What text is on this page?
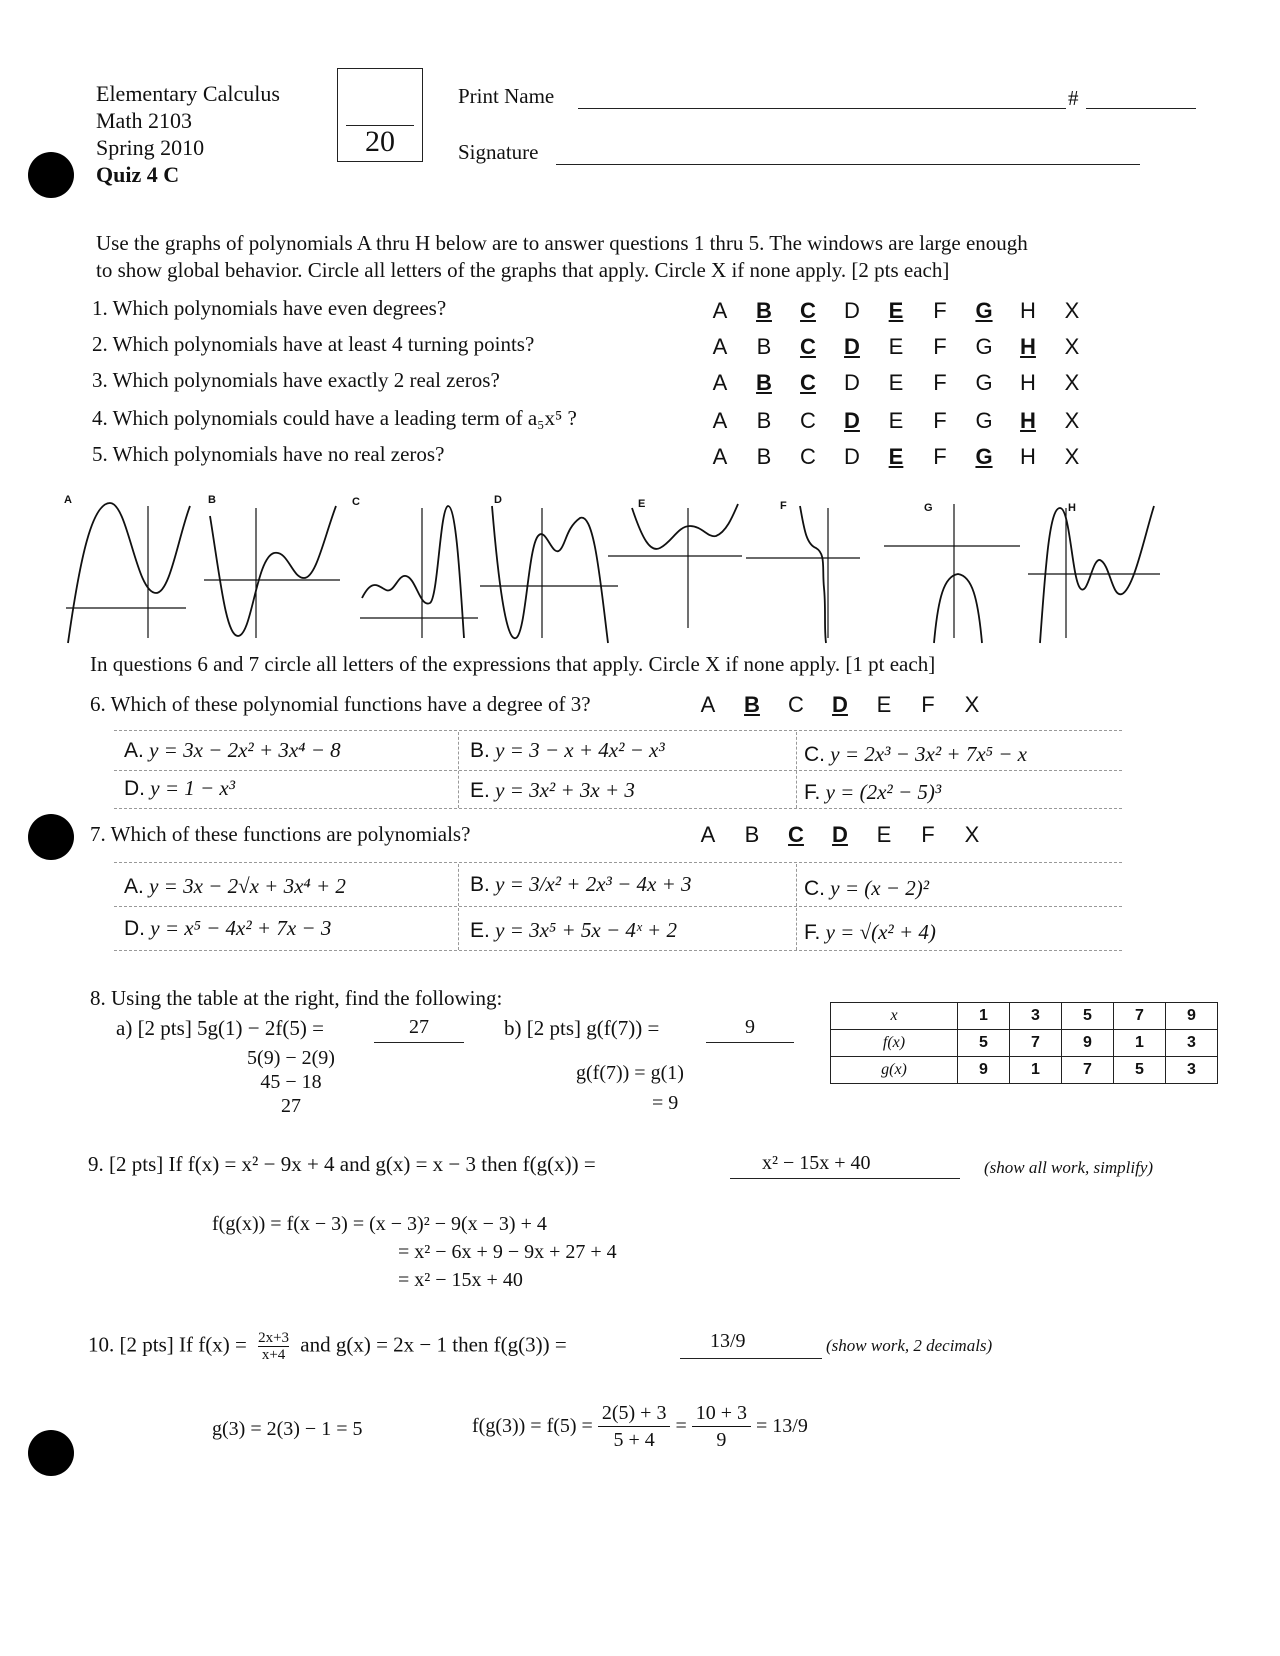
Elementary Calculus
Math 2103
Spring 2010
Quiz 4 C
20
Print Name	#
Signature
Use the graphs of polynomials A thru H below are to answer questions 1 thru 5. The windows are large enough
to show global behavior. Circle all letters of the graphs that apply. Circle X if none apply. [2 pts each]
1. Which polynomials have even degrees?	A B C D E F G H X
2. Which polynomials have at least 4 turning points?	A B C D E F G H X
3. Which polynomials have exactly 2 real zeros?	A B C D E F G H X
4. Which polynomials could have a leading term of a₅x⁵ ?	A B C D E F G H X
5. Which polynomials have no real zeros?	A B C D E F G H X
A	B	C	D	E	F	G	H
In questions 6 and 7 circle all letters of the expressions that apply. Circle X if none apply. [1 pt each]
6. Which of these polynomial functions have a degree of 3?	A B C D E F X
A. y = 3x − 2x² + 3x⁴ − 8	B. y = 3 − x + 4x² − x³	C. y = 2x³ − 3x² + 7x⁵ − x
D. y = 1 − x³	E. y = 3x² + 3x + 3	F. y = (2x² − 5)³
7. Which of these functions are polynomials?	A B C D E F X
A. y = 3x − 2√x + 3x⁴ + 2	B. y = 3/x² + 2x³ − 4x + 3	C. y = (x − 2)²
D. y = x⁵ − 4x² + 7x − 3	E. y = 3x⁵ + 5x − 4ˣ + 2	F. y = √(x² + 4)
8. Using the table at the right, find the following:
a) [2 pts] 5g(1) − 2f(5) =	27	b) [2 pts] g(f(7)) =	9
5(9) − 2(9)
45 − 18
27
g(f(7)) = g(1)
= 9
x	1	3	5	7	9
f(x)	5	7	9	1	3
g(x)	9	1	7	5	3
9. [2 pts] If f(x) = x² − 9x + 4 and g(x) = x − 3 then f(g(x)) =	x² − 15x + 40	(show all work, simplify)
f(g(x)) = f(x − 3) = (x − 3)² − 9(x − 3) + 4
= x² − 6x + 9 − 9x + 27 + 4
= x² − 15x + 40
10. [2 pts] If $f(x) = \frac{2x+3}{x+4}$ and g(x) = 2x − 1 then f(g(3)) =	13/9	(show work, 2 decimals)
g(3) = 2(3) − 1 = 5	$f(g(3)) = f(5) = \frac{2(5) + 3}{5 + 4} = \frac{10 + 3}{9} = 13/9$
